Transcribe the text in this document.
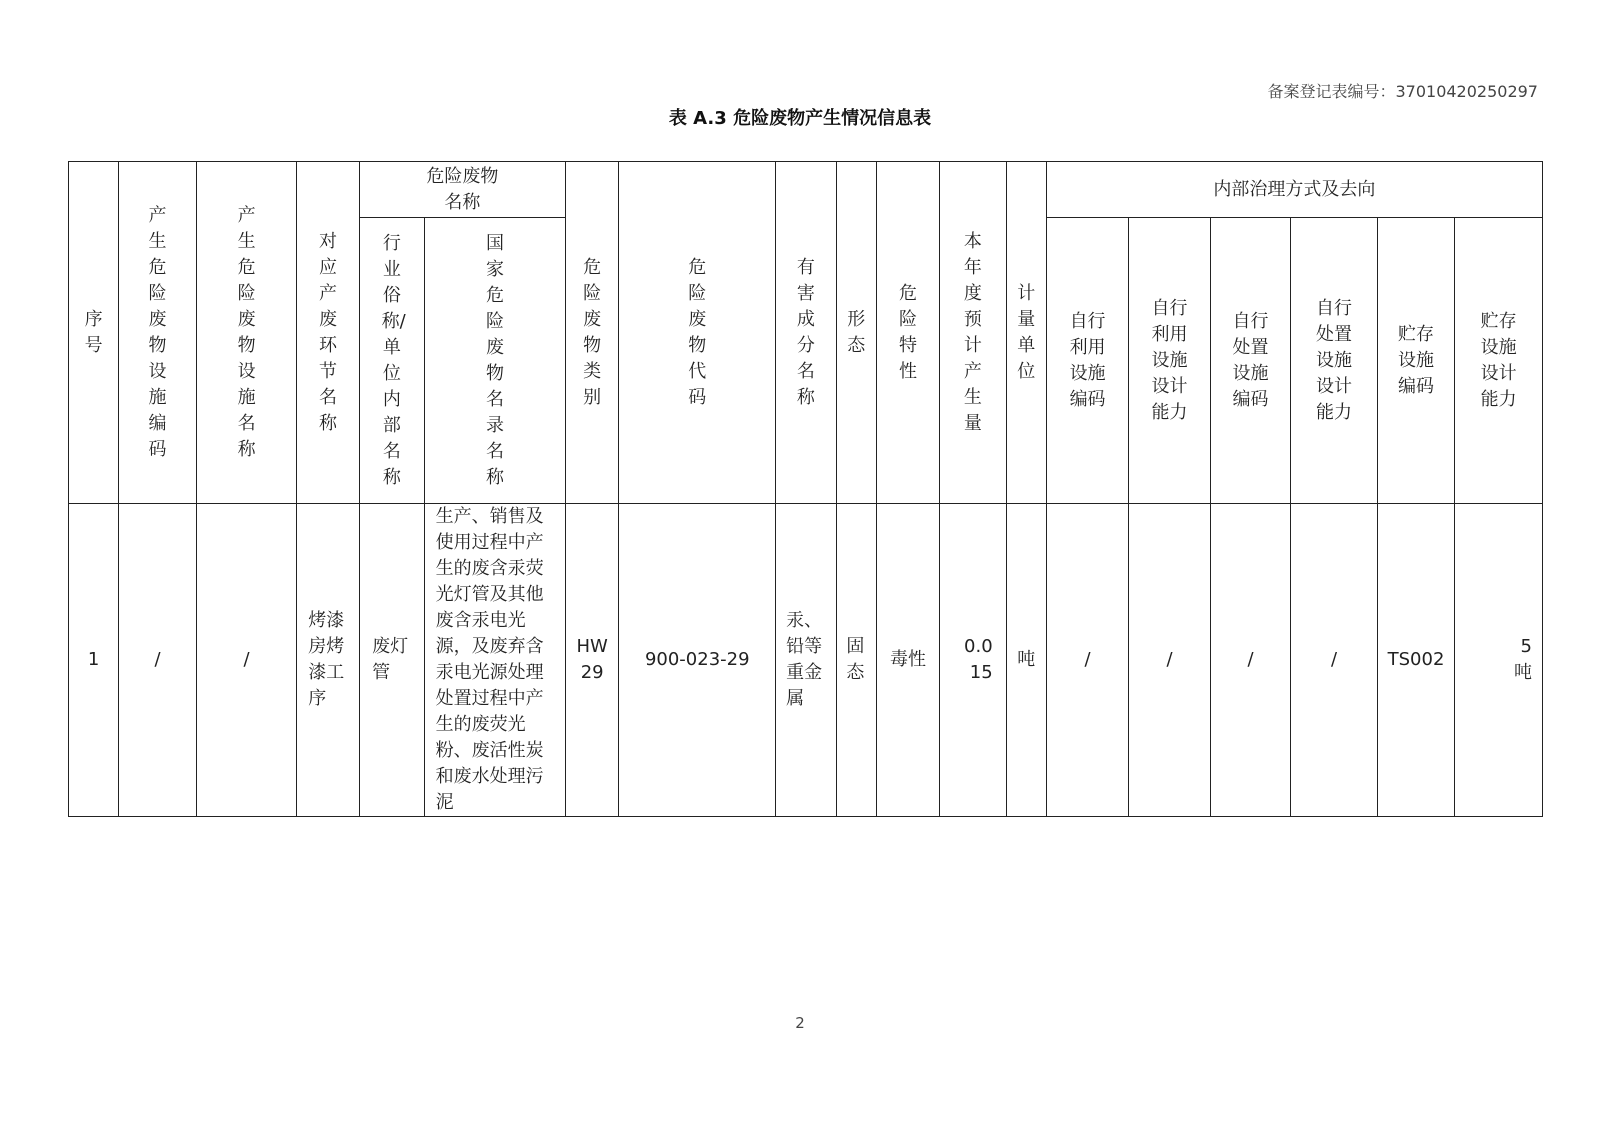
备案登记表编号：37010420250297
表 A.3 危险废物产生情况信息表
序号	产生危险废物设施编码	产生危险废物设施名称	对应产废环节名称	危险废物名称		危险废物类别	危险废物代码	有害成分名称	形态	危险特性	本年度预计产生量	计量单位	内部治理方式及去向					
				行业俗称/单位内部名称	国家危险废物名录名称								自行利用设施编码	自行利用设施设计能力	自行处置设施编码	自行处置设施设计能力	贮存设施编码	贮存设施设计能力
1	/	/	烤漆房烤漆工序	废灯管	生产、销售及使用过程中产生的废含汞荧光灯管及其他废含汞电光源，及废弃含汞电光源处理处置过程中产生的废荧光粉、废活性炭和废水处理污泥	HW29	900-023-29	汞、铅等重金属	固态	毒性	0.015	吨	/	/	/	/	TS002	5吨
2
